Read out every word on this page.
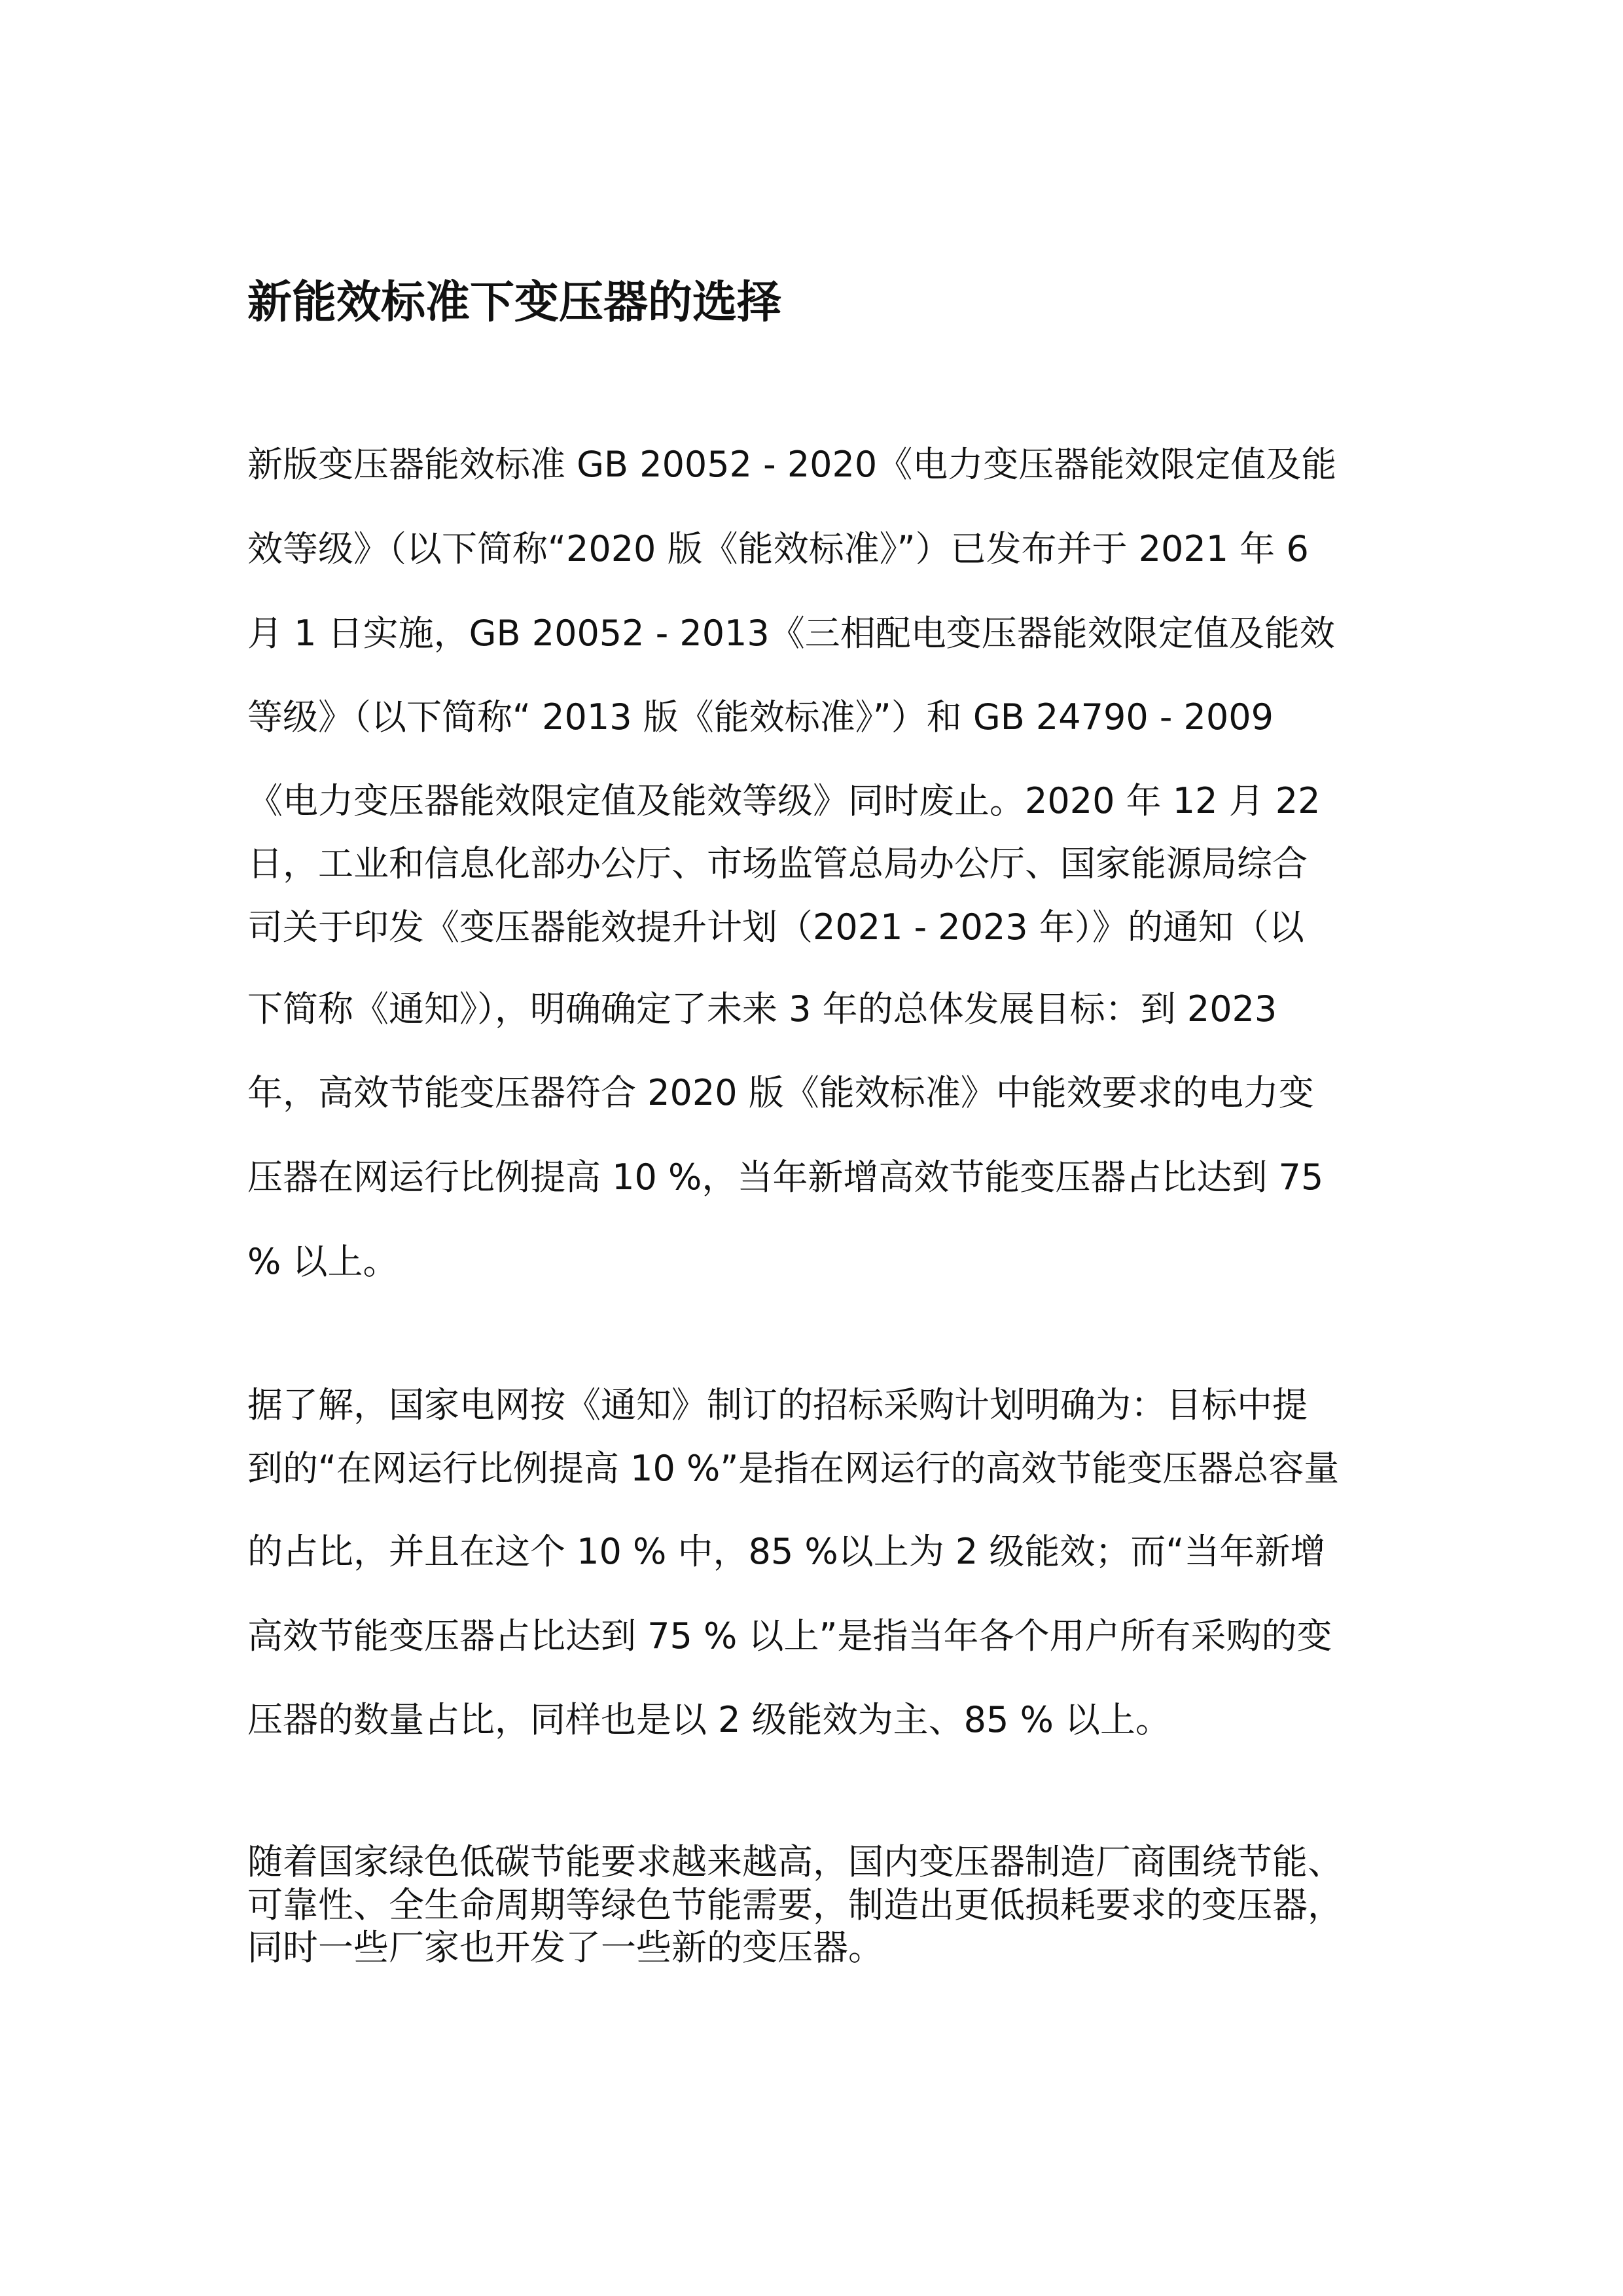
新能效标准下变压器的选择

新版变压器能效标准 GB 20052 - 2020《电力变压器能效限定值及能

效等级》（以下简称“2020 版《能效标准》”）已发布并于 2021 年 6

月 1 日实施，GB 20052 - 2013《三相配电变压器能效限定值及能效

等级》（以下简称“ 2013 版《能效标准》”）和 GB 24790 - 2009

《电力变压器能效限定值及能效等级》同时废止。2020 年 12 月 22

日，工业和信息化部办公厅、市场监管总局办公厅、国家能源局综合

司关于印发《变压器能效提升计划（2021 - 2023 年）》的通知（以

下简称《通知》），明确确定了未来 3 年的总体发展目标：到 2023

年，高效节能变压器符合 2020 版《能效标准》中能效要求的电力变

压器在网运行比例提高 10 %，当年新增高效节能变压器占比达到 75

% 以上。

据了解，国家电网按《通知》制订的招标采购计划明确为：目标中提

到的“在网运行比例提高 10 %”是指在网运行的高效节能变压器总容量

的占比，并且在这个 10 % 中，85 %以上为 2 级能效；而“当年新增

高效节能变压器占比达到 75 % 以上”是指当年各个用户所有采购的变

压器的数量占比，同样也是以 2 级能效为主、85 % 以上。

随着国家绿色低碳节能要求越来越高，国内变压器制造厂商围绕节能、

可靠性、全生命周期等绿色节能需要，制造出更低损耗要求的变压器，

同时一些厂家也开发了一些新的变压器。
